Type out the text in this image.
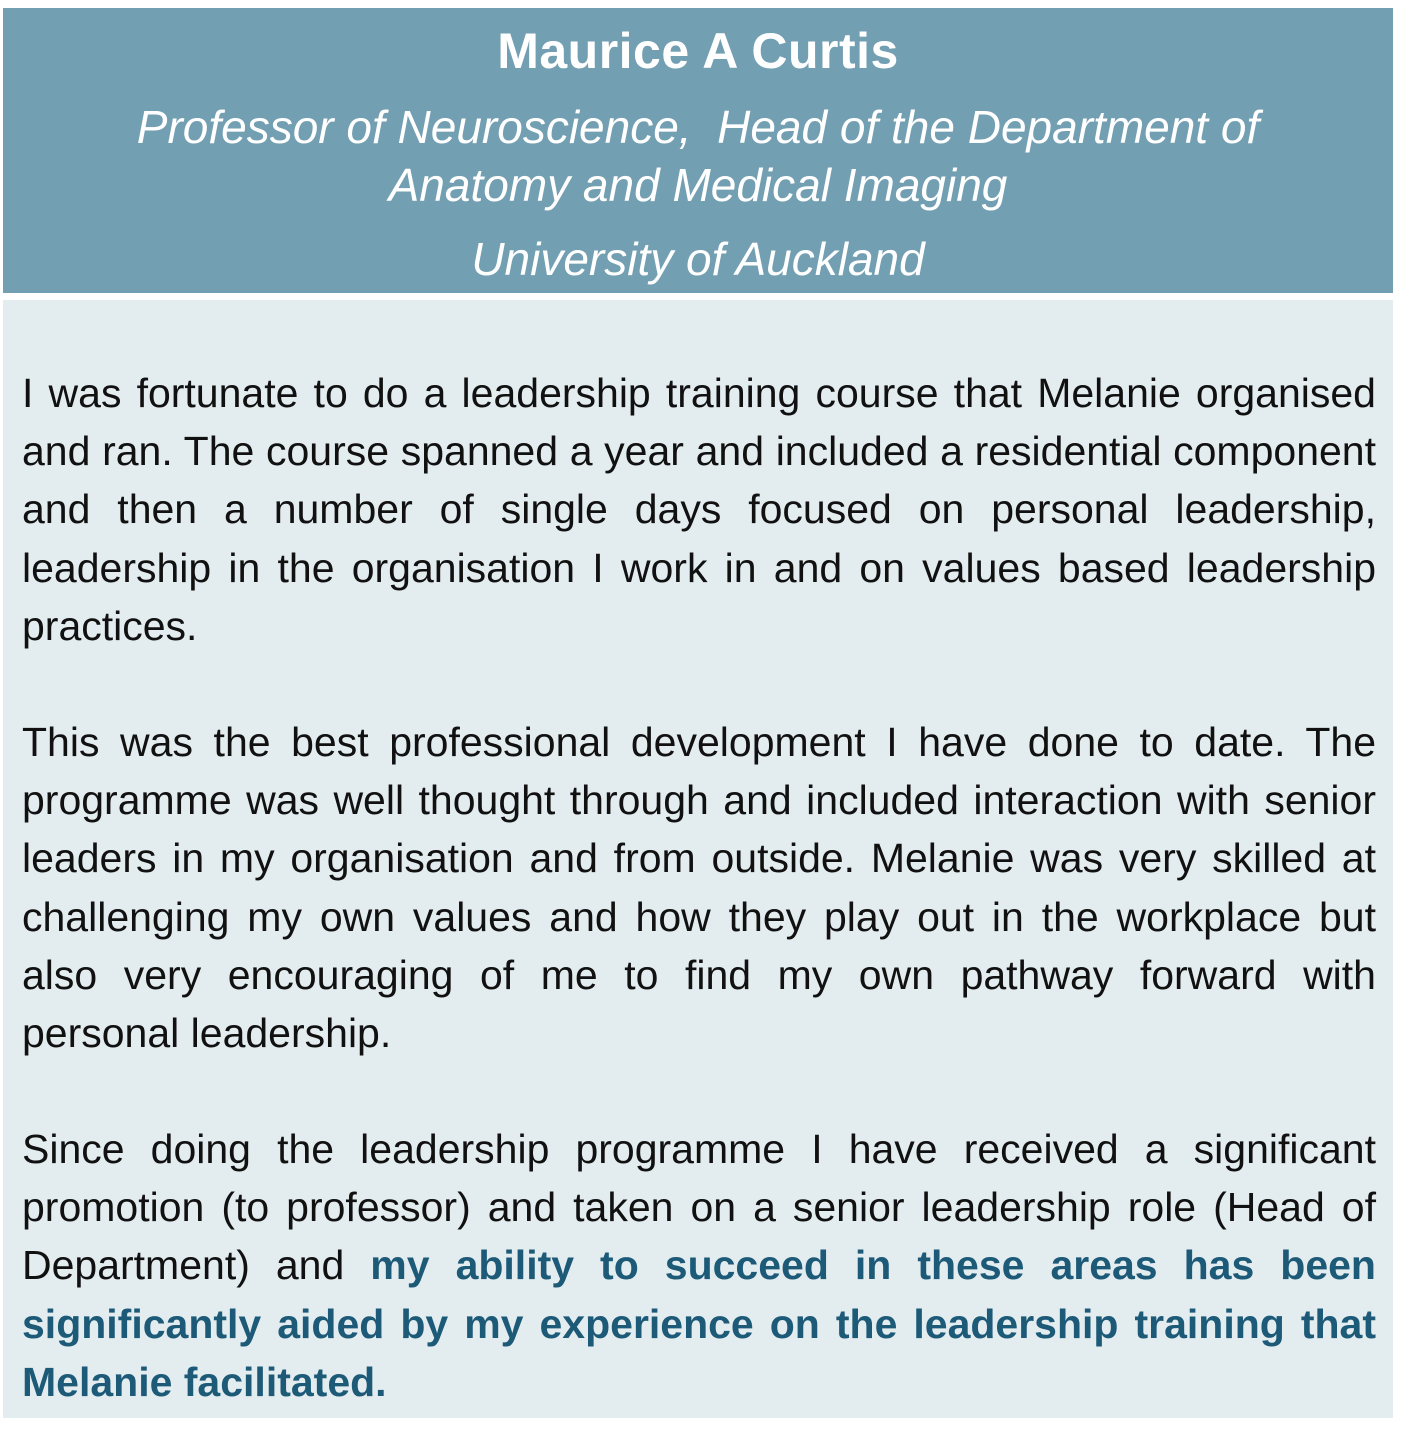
Maurice A Curtis
Professor of Neuroscience,  Head of the Department of
Anatomy and Medical Imaging
University of Auckland

I was fortunate to do a leadership training course that Melanie organised and ran. The course spanned a year and included a residential component and then a number of single days focused on personal leadership, leadership in the organisation I work in and on values based leadership practices.

This was the best professional development I have done to date. The programme was well thought through and included interaction with senior leaders in my organisation and from outside. Melanie was very skilled at challenging my own values and how they play out in the workplace but also very encouraging of me to find my own pathway forward with personal leadership.

Since doing the leadership programme I have received a significant promotion (to professor) and taken on a senior leadership role (Head of Department) and my ability to succeed in these areas has been significantly aided by my experience on the leadership training that Melanie facilitated.
